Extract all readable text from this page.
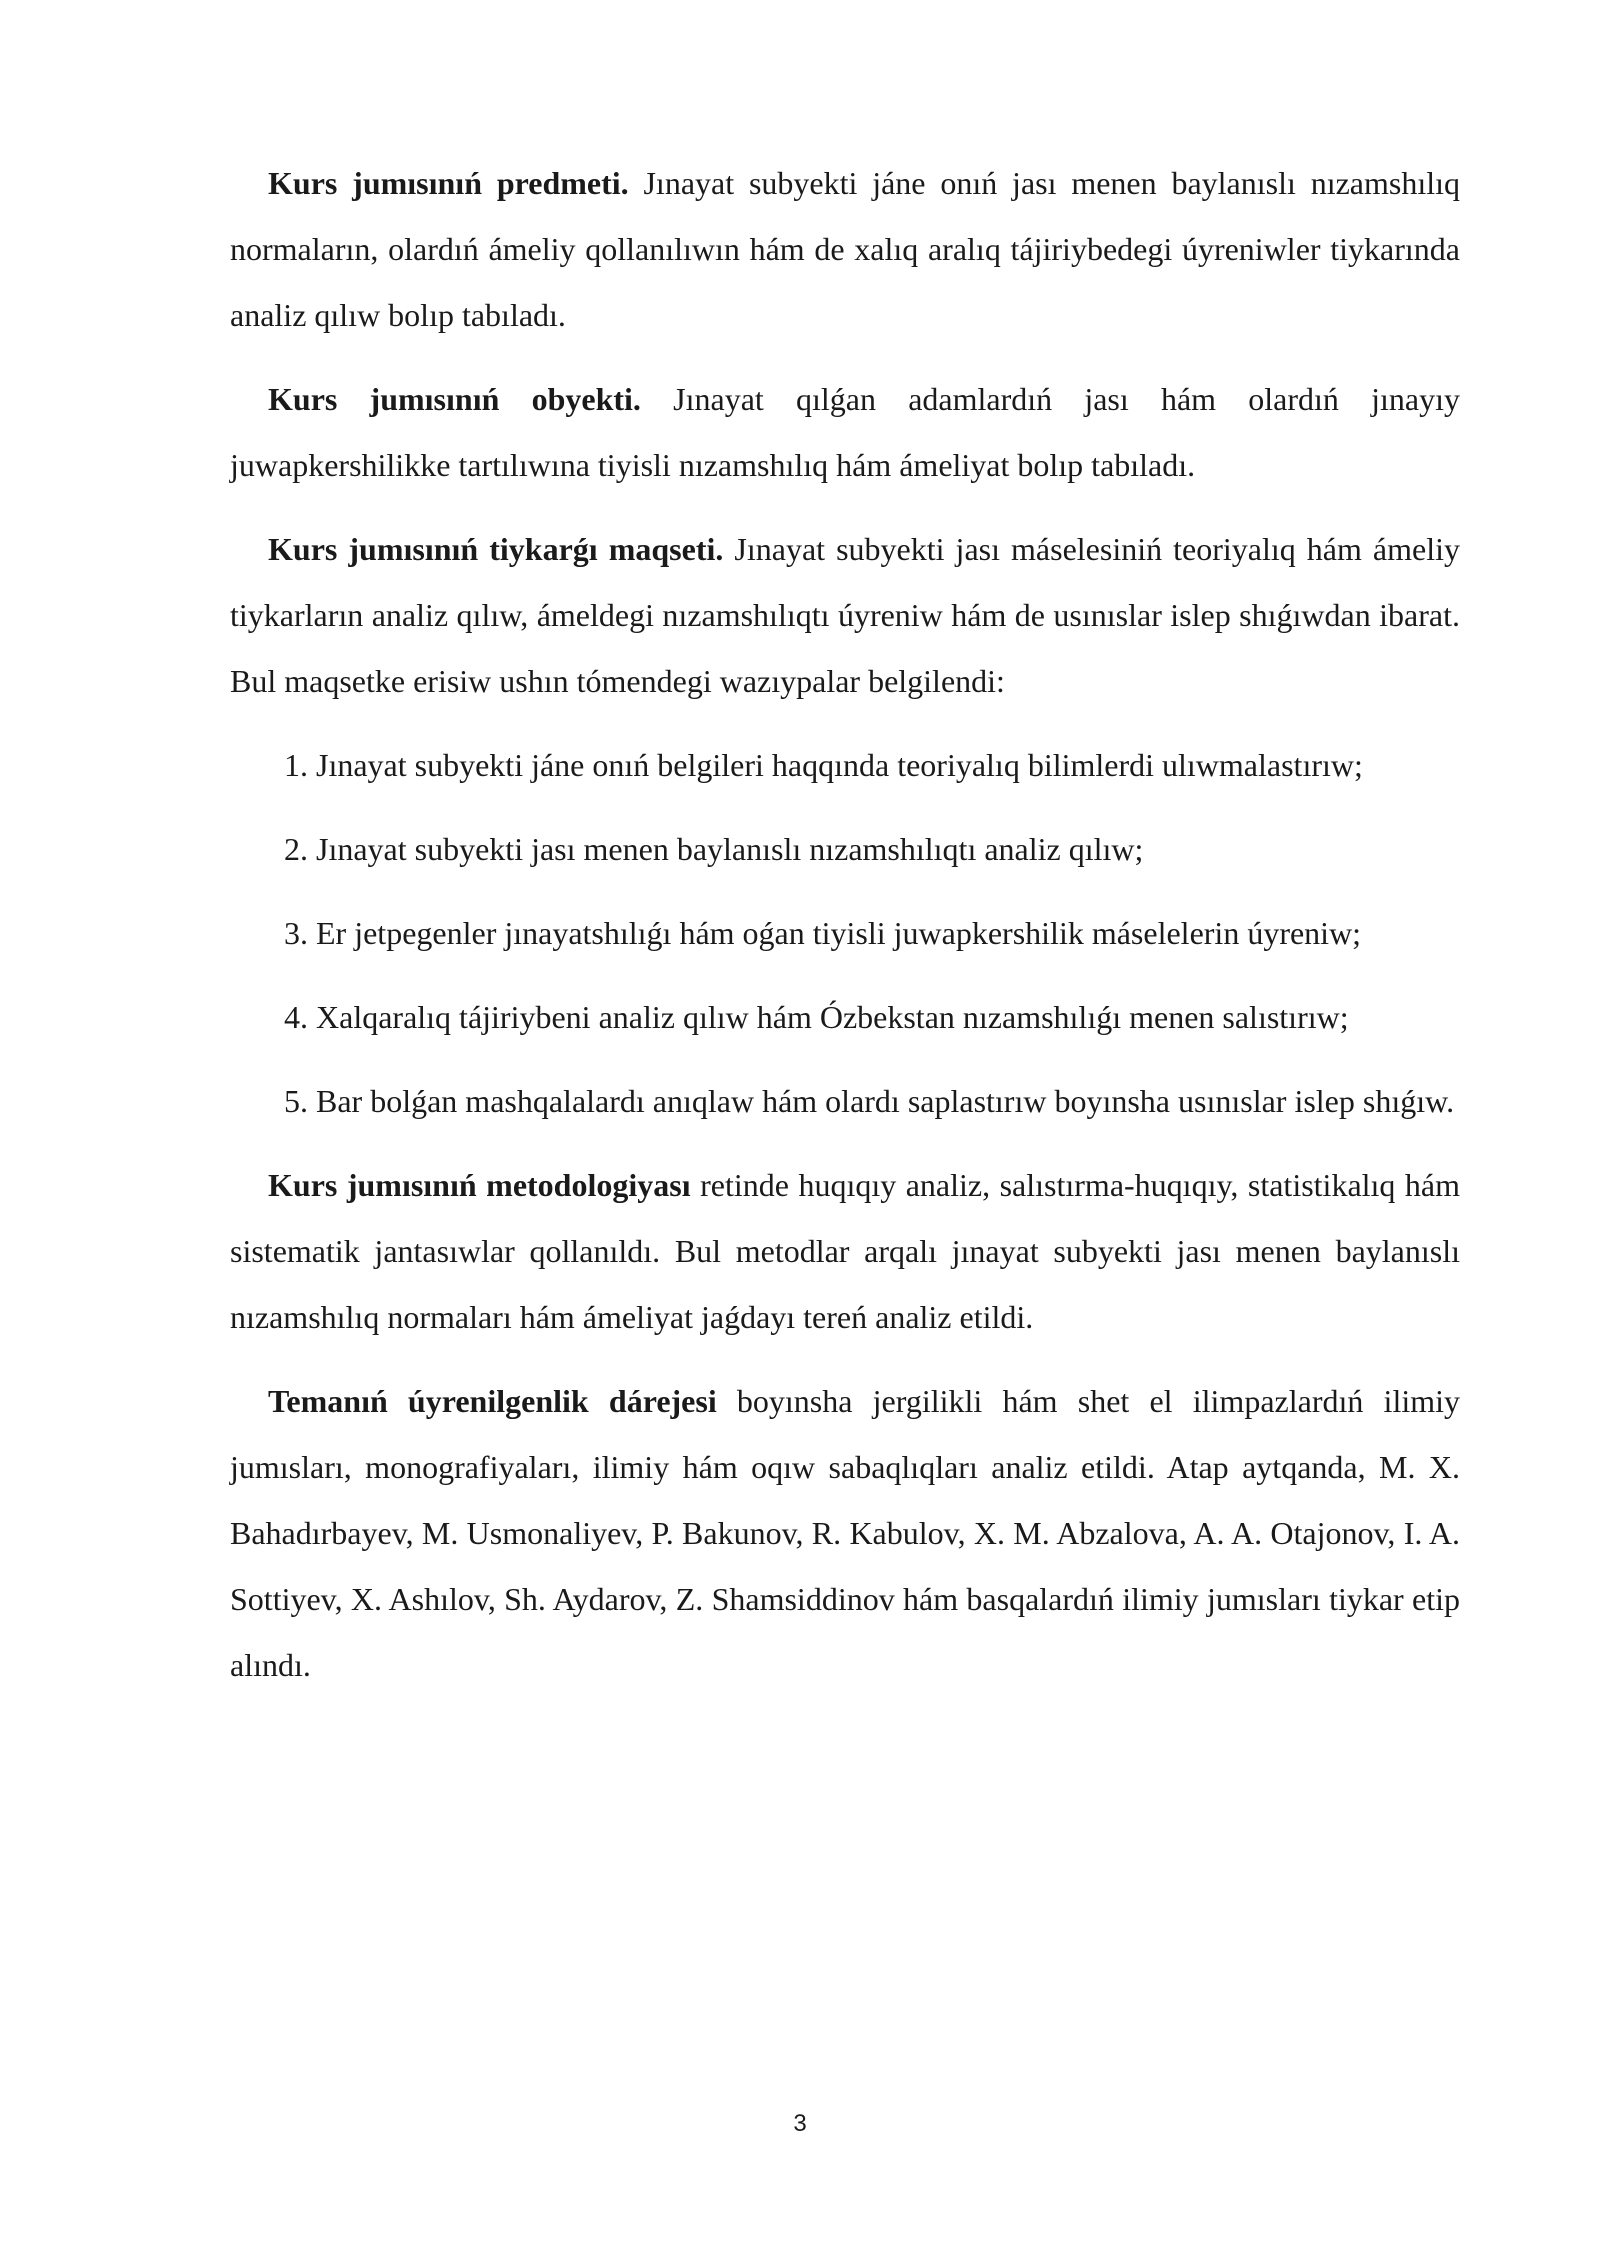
Kurs jumısınıń predmeti. Jınayat subyekti jáne onıń jası menen baylanıslı nızamshılıq normaların, olardıń ámeliy qollanılıwın hám de xalıq aralıq tájiriybedegi úyreniwler tiykarında analiz qılıw bolıp tabıladı.

Kurs jumısınıń obyekti. Jınayat qılǵan adamlardıń jası hám olardıń jınayıy juwapkershilikke tartılıwına tiyisli nızamshılıq hám ámeliyat bolıp tabıladı.

Kurs jumısınıń tiykarǵı maqseti. Jınayat subyekti jası máselesiniń teoriyalıq hám ámeliy tiykarların analiz qılıw, ámeldegi nızamshılıqtı úyreniw hám de usınıslar islep shıǵıwdan ibarat. Bul maqsetke erisiw ushın tómendegi wazıypalar belgilendi:

1. Jınayat subyekti jáne onıń belgileri haqqında teoriyalıq bilimlerdi ulıwmalastırıw;

2. Jınayat subyekti jası menen baylanıslı nızamshılıqtı analiz qılıw;

3. Er jetpegenler jınayatshılıǵı hám oǵan tiyisli juwapkershilik máselelerin úyreniw;

4. Xalqaralıq tájiriybeni analiz qılıw hám Ózbekstan nızamshılıǵı menen salıstırıw;

5. Bar bolǵan mashqalalardı anıqlaw hám olardı saplastırıw boyınsha usınıslar islep shıǵıw.

Kurs jumısınıń metodologiyası retinde huqıqıy analiz, salıstırma-huqıqıy, statistikalıq hám sistematik jantasıwlar qollanıldı. Bul metodlar arqalı jınayat subyekti jası menen baylanıslı nızamshılıq normaları hám ámeliyat jaǵdayı tereń analiz etildi.

Temanıń úyrenilgenlik dárejesi boyınsha jergilikli hám shet el ilimpazlardıń ilimiy jumısları, monografiyaları, ilimiy hám oqıw sabaqlıqları analiz etildi. Atap aytqanda, M. X. Bahadırbayev, M. Usmonaliyev, P. Bakunov, R. Kabulov, X. M. Abzalova, A. A. Otajonov, I. A. Sottiyev, X. Ashılov, Sh. Aydarov, Z. Shamsiddinov hám basqalardıń ilimiy jumısları tiykar etip alındı.

3
